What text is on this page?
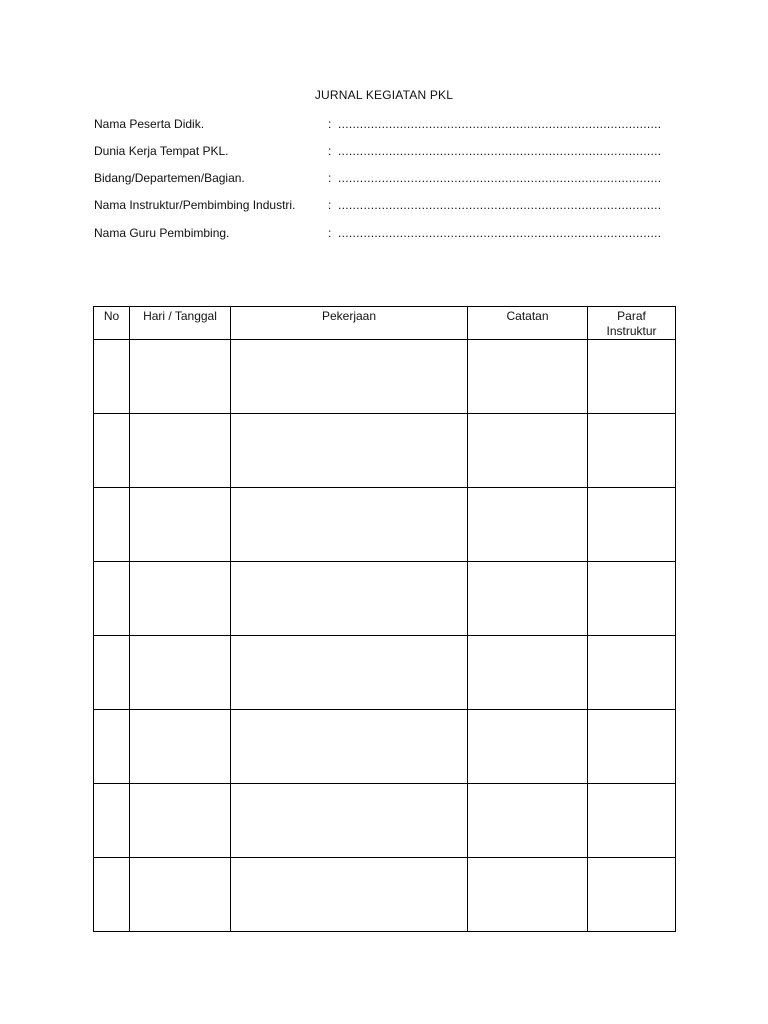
JURNAL KEGIATAN PKL
Nama Peserta Didik.	: .........................................................................................
Dunia Kerja Tempat PKL.	: .........................................................................................
Bidang/Departemen/Bagian.	: .........................................................................................
Nama Instruktur/Pembimbing Industri.	: .........................................................................................
Nama Guru Pembimbing.	: .........................................................................................
No	Hari / Tanggal	Pekerjaan	Catatan	Paraf
Instruktur
